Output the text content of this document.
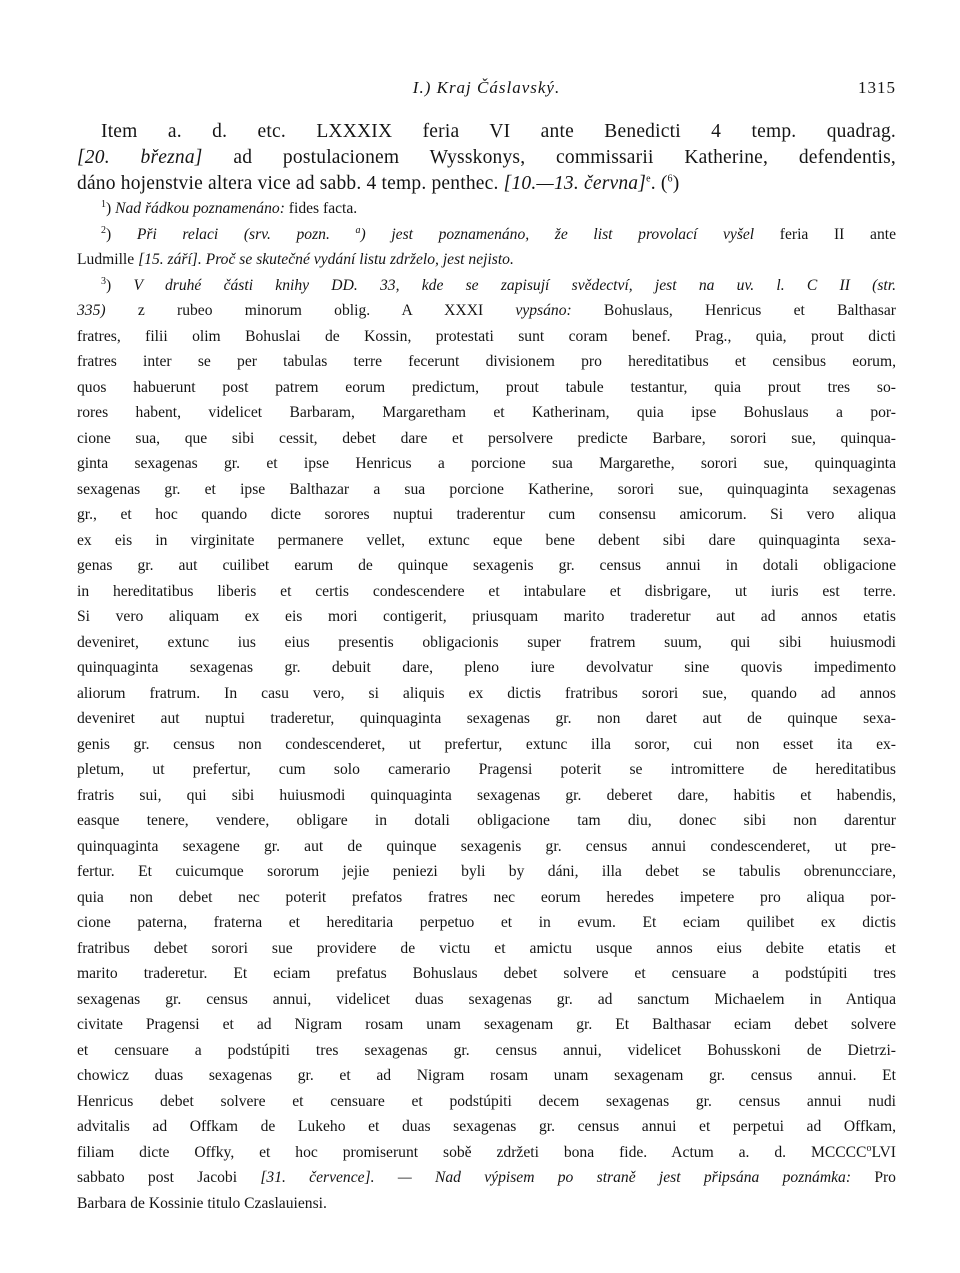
I.) Kraj Čáslavský.	1315
Item a. d. etc. LXXXIX feria VI ante Benedicti 4 temp. quadrag.
[20. března] ad postulacionem Wysskonys, commissarii Katherine, defendentis,
dáno hojenstvie altera vice ad sabb. 4 temp. penthec. [10.—13. června]$^e$. ($^6$)
$^1$) Nad řádkou poznamenáno: fides facta.
$^2$) Při relaci (srv. pozn. $^a$) jest poznamenáno, že list provolací vyšel feria II ante
Ludmille [15. září]. Proč se skutečné vydání listu zdrželo, jest nejisto.
$^3$) V druhé části knihy DD. 33, kde se zapisují svědectví, jest na uv. l. C II (str.
335) z rubeo minorum oblig. A XXXI vypsáno: Bohuslaus, Henricus et Balthasar
fratres, filii olim Bohuslai de Kossin, protestati sunt coram benef. Prag., quia, prout dicti
fratres inter se per tabulas terre fecerunt divisionem pro hereditatibus et censibus eorum,
quos habuerunt post patrem eorum predictum, prout tabule testantur, quia prout tres so-
rores habent, videlicet Barbaram, Margaretham et Katherinam, quia ipse Bohuslaus a por-
cione sua, que sibi cessit, debet dare et persolvere predicte Barbare, sorori sue, quinqua-
ginta sexagenas gr. et ipse Henricus a porcione sua Margarethe, sorori sue, quinquaginta
sexagenas gr. et ipse Balthazar a sua porcione Katherine, sorori sue, quinquaginta sexagenas
gr., et hoc quando dicte sorores nuptui traderentur cum consensu amicorum. Si vero aliqua
ex eis in virginitate permanere vellet, extunc eque bene debent sibi dare quinquaginta sexa-
genas gr. aut cuilibet earum de quinque sexagenis gr. census annui in dotali obligacione
in hereditatibus liberis et certis condescendere et intabulare et disbrigare, ut iuris est terre.
Si vero aliquam ex eis mori contigerit, priusquam marito traderetur aut ad annos etatis
deveniret, extunc ius eius presentis obligacionis super fratrem suum, qui sibi huiusmodi
quinquaginta sexagenas gr. debuit dare, pleno iure devolvatur sine quovis impedimento
aliorum fratrum. In casu vero, si aliquis ex dictis fratribus sorori sue, quando ad annos
deveniret aut nuptui traderetur, quinquaginta sexagenas gr. non daret aut de quinque sexa-
genis gr. census non condescenderet, ut prefertur, extunc illa soror, cui non esset ita ex-
pletum, ut prefertur, cum solo camerario Pragensi poterit se intromittere de hereditatibus
fratris sui, qui sibi huiusmodi quinquaginta sexagenas gr. deberet dare, habitis et habendis,
easque tenere, vendere, obligare in dotali obligacione tam diu, donec sibi non darentur
quinquaginta sexagene gr. aut de quinque sexagenis gr. census annui condescenderet, ut pre-
fertur. Et cuicumque sororum jejie peniezi byli by dáni, illa debet se tabulis obrenuncciare,
quia non debet nec poterit prefatos fratres nec eorum heredes impetere pro aliqua por-
cione paterna, fraterna et hereditaria perpetuo et in evum. Et eciam quilibet ex dictis
fratribus debet sorori sue providere de victu et amictu usque annos eius debite etatis et
marito traderetur. Et eciam prefatus Bohuslaus debet solvere et censuare a podstúpiti tres
sexagenas gr. census annui, videlicet duas sexagenas gr. ad sanctum Michaelem in Antiqua
civitate Pragensi et ad Nigram rosam unam sexagenam gr. Et Balthasar eciam debet solvere
et censuare a podstúpiti tres sexagenas gr. census annui, videlicet Bohusskoni de Dietrzi-
chowicz duas sexagenas gr. et ad Nigram rosam unam sexagenam gr. census annui. Et
Henricus debet solvere et censuare et podstúpiti decem sexagenas gr. census annui nudi
advitalis ad Offkam de Lukeho et duas sexagenas gr. census annui et perpetui ad Offkam,
filiam dicte Offky, et hoc promiserunt sobě zdržeti bona fide. Actum a. d. MCCCC$^o$LVI
sabbato post Jacobi [31. července]. — Nad výpisem po straně jest připsána poznámka: Pro
Barbara de Kossinie titulo Czaslauiensi.
